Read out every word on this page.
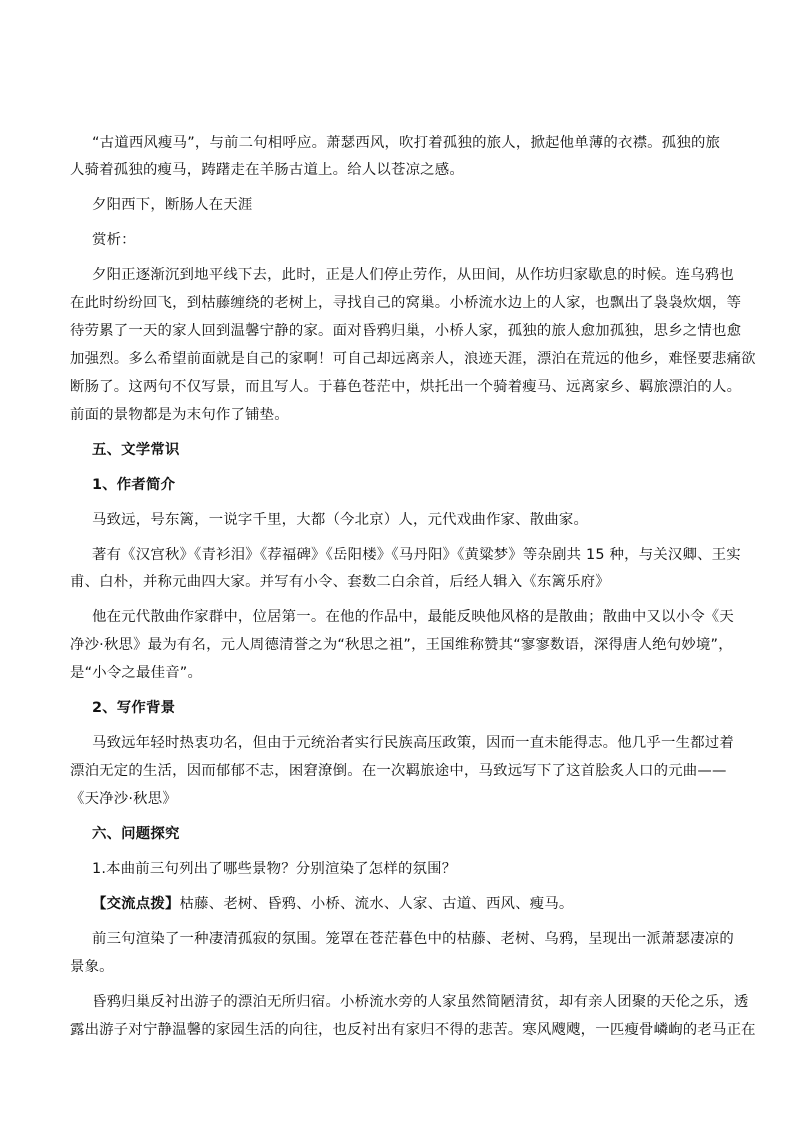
“古道西风瘦马”，与前二句相呼应。萧瑟西风，吹打着孤独的旅人，掀起他单薄的衣襟。孤独的旅
人骑着孤独的瘦马，踌躇走在羊肠古道上。给人以苍凉之感。
夕阳西下，断肠人在天涯
赏析：
夕阳正逐渐沉到地平线下去，此时，正是人们停止劳作，从田间，从作坊归家歇息的时候。连乌鸦也
在此时纷纷回飞，到枯藤缠绕的老树上，寻找自己的窝巢。小桥流水边上的人家，也飘出了袅袅炊烟，等
待劳累了一天的家人回到温馨宁静的家。面对昏鸦归巢，小桥人家，孤独的旅人愈加孤独，思乡之情也愈
加强烈。多么希望前面就是自己的家啊！可自己却远离亲人，浪迹天涯，漂泊在荒远的他乡，难怪要悲痛欲
断肠了。这两句不仅写景，而且写人。于暮色苍茫中，烘托出一个骑着瘦马、远离家乡、羁旅漂泊的人。
前面的景物都是为末句作了铺垫。
五、文学常识
1、作者简介
马致远，号东篱，一说字千里，大都（今北京）人，元代戏曲作家、散曲家。
著有《汉宫秋》《青衫泪》《荐福碑》《岳阳楼》《马丹阳》《黄粱梦》等杂剧共 15 种，与关汉卿、王实
甫、白朴，并称元曲四大家。并写有小令、套数二白余首，后经人辑入《东篱乐府》
他在元代散曲作家群中，位居第一。在他的作品中，最能反映他风格的是散曲；散曲中又以小令《天
净沙·秋思》最为有名，元人周德清誉之为“秋思之祖”，王国维称赞其“寥寥数语，深得唐人绝句妙境”，
是“小令之最佳音”。
2、写作背景
马致远年轻时热衷功名，但由于元统治者实行民族高压政策，因而一直未能得志。他几乎一生都过着
漂泊无定的生活，因而郁郁不志，困窘潦倒。在一次羁旅途中，马致远写下了这首脍炙人口的元曲——
《天净沙·秋思》
六、问题探究
1.本曲前三句列出了哪些景物？分别渲染了怎样的氛围？
【交流点拨】枯藤、老树、昏鸦、小桥、流水、人家、古道、西风、瘦马。
前三句渲染了一种凄清孤寂的氛围。笼罩在苍茫暮色中的枯藤、老树、乌鸦，呈现出一派萧瑟凄凉的
景象。
昏鸦归巢反衬出游子的漂泊无所归宿。小桥流水旁的人家虽然简陋清贫，却有亲人团聚的天伦之乐，透
露出游子对宁静温馨的家园生活的向往，也反衬出有家归不得的悲苦。寒风飕飕，一匹瘦骨嶙峋的老马正在
